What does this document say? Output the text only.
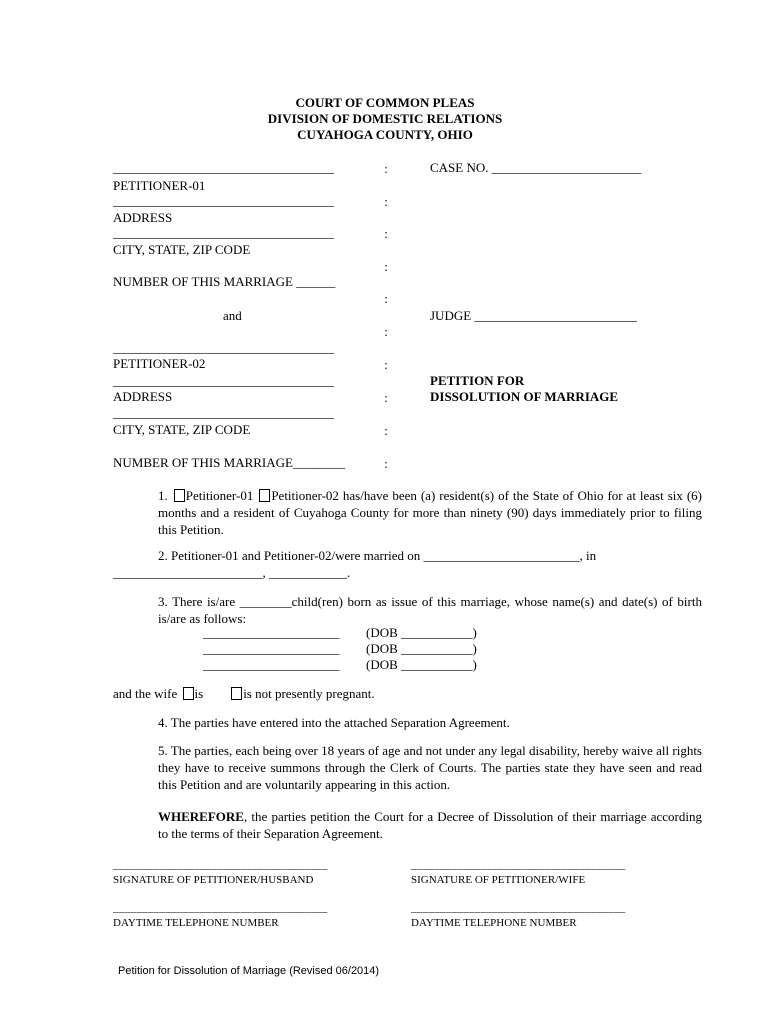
COURT OF COMMON PLEAS
DIVISION OF DOMESTIC RELATIONS
CUYAHOGA COUNTY, OHIO
__________________________________
PETITIONER-01
__________________________________
ADDRESS
__________________________________
CITY, STATE, ZIP CODE
NUMBER OF THIS MARRIAGE ______
and
__________________________________
PETITIONER-02
__________________________________
ADDRESS
__________________________________
CITY, STATE, ZIP CODE
NUMBER OF THIS MARRIAGE________
:
:
:
:
:
:
:
:
:
:
CASE NO. _______________________
JUDGE _________________________
PETITION FOR
DISSOLUTION OF MARRIAGE
1. Petitioner-01 Petitioner-02 has/have been (a) resident(s) of the State of Ohio for at least six (6) months and a resident of Cuyahoga County for more than ninety (90) days immediately prior to filing this Petition.
2. Petitioner-01 and Petitioner-02/were married on ________________________, in
_______________________, ____________.
3. There is/are ________child(ren) born as issue of this marriage, whose name(s) and date(s) of birth is/are as follows:
_____________________ (DOB ___________)
_____________________ (DOB ___________)
_____________________ (DOB ___________)
and the wife is	is not presently pregnant.
4. The parties have entered into the attached Separation Agreement.
5. The parties, each being over 18 years of age and not under any legal disability, hereby waive all rights they have to receive summons through the Clerk of Courts. The parties state they have seen and read this Petition and are voluntarily appearing in this action.
WHEREFORE, the parties petition the Court for a Decree of Dissolution of their marriage according to the terms of their Separation Agreement.
_____________________________________
SIGNATURE OF PETITIONER/HUSBAND
_____________________________________
SIGNATURE OF PETITIONER/WIFE
_____________________________________
DAYTIME TELEPHONE NUMBER
_____________________________________
DAYTIME TELEPHONE NUMBER
Petition for Dissolution of Marriage (Revised 06/2014)
